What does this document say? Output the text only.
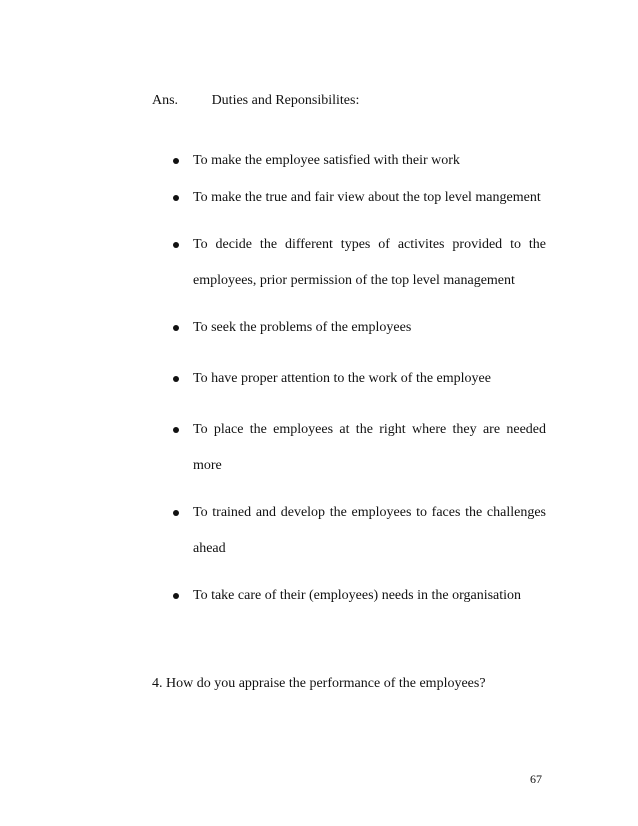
Ans. Duties and Reponsibilites:
To make the employee satisfied with their work
To make the true and fair view about the top level mangement
To decide the different types of activites provided to the employees, prior permission of the top level management
To seek the problems of the employees
To have proper attention to the work of the employee
To place the employees at the right where they are needed more
To trained and develop the employees to faces the challenges ahead
To take care of their (employees) needs in the organisation
4. How do you appraise the performance of the employees?
67
